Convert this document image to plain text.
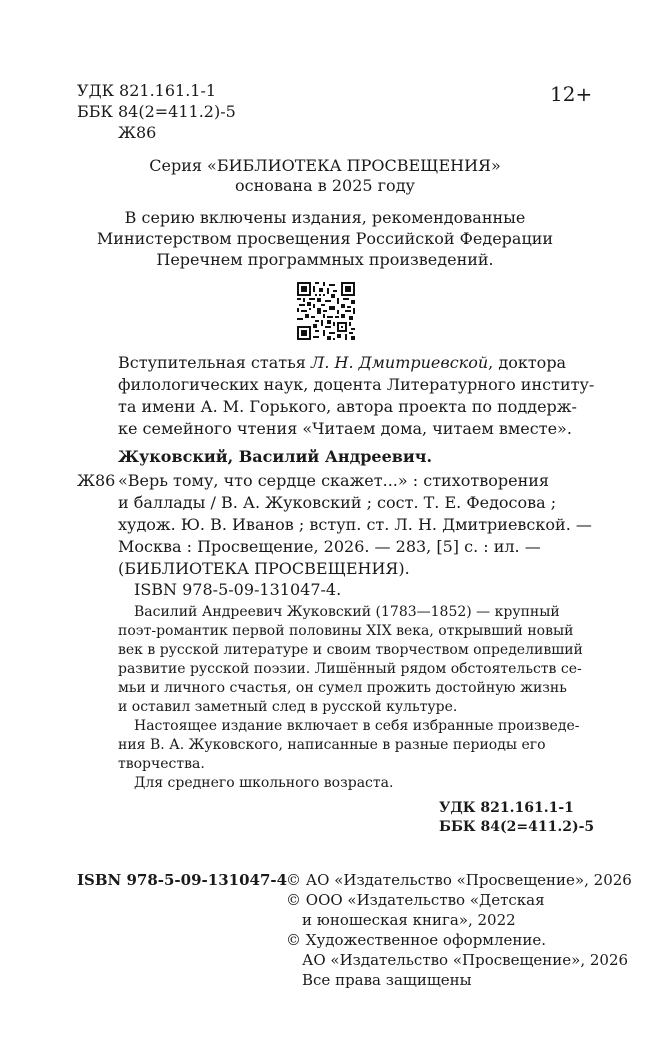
УДК 821.161.1-1
ББК 84(2=411.2)-5
Ж86
12+
Серия «БИБЛИОТЕКА ПРОСВЕЩЕНИЯ»
основана в 2025 году
В серию включены издания, рекомендованные
Министерством просвещения Российской Федерации
Перечнем программных произведений.
Вступительная статья Л. Н. Дмитриевской, доктора
филологических наук, доцента Литературного институ-
та имени А. М. Горького, автора проекта по поддерж-
ке семейного чтения «Читаем дома, читаем вместе».
Жуковский, Василий Андреевич.
Ж86 «Верь тому, что сердце скажет...» : стихотворения
и баллады / В. А. Жуковский ; сост. Т. Е. Федосова ;
худож. Ю. В. Иванов ; вступ. ст. Л. Н. Дмитриевской. —
Москва : Просвещение, 2026. — 283, [5] с. : ил. —
(БИБЛИОТЕКА ПРОСВЕЩЕНИЯ).
ISBN 978-5-09-131047-4.
Василий Андреевич Жуковский (1783—1852) — крупный
поэт-романтик первой половины XIX века, открывший новый
век в русской литературе и своим творчеством определивший
развитие русской поэзии. Лишённый рядом обстоятельств се-
мьи и личного счастья, он сумел прожить достойную жизнь
и оставил заметный след в русской культуре.
Настоящее издание включает в себя избранные произведе-
ния В. А. Жуковского, написанные в разные периоды его
творчества.
Для среднего школьного возраста.
УДК 821.161.1-1
ББК 84(2=411.2)-5
ISBN 978-5-09-131047-4
© АО «Издательство «Просвещение», 2026
© ООО «Издательство «Детская
и юношеская книга», 2022
© Художественное оформление.
АО «Издательство «Просвещение», 2026
Все права защищены
